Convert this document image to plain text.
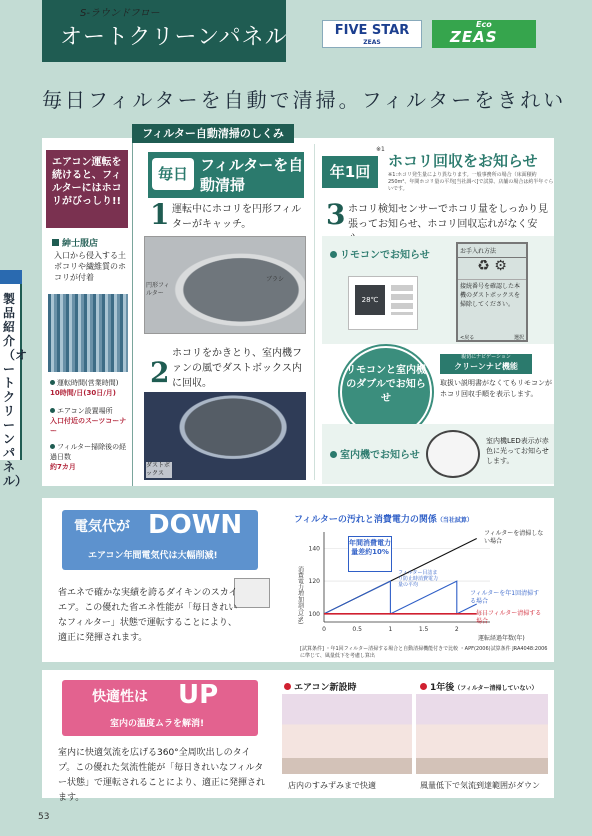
S-ラウンドフロー
オートクリーンパネル	FIVE STAR
ZEAS
Eco
ZEAS
毎日フィルターを自動で清掃。フィルターをきれい
製品紹介（オートクリーンパネル）
フィルター自動清掃のしくみ
エアコン運転を続けると、フィルターにはホコリがびっしり!!
紳士服店
入口から侵入する土ボコリや繊維質のホコリが付着
運転時間(営業時間)
10時間/日(30日/月)
エアコン設置場所
入口付近のスーツコーナー
フィルター掃除後の経過日数
約7カ月
毎日 フィルターを自動清掃
1 運転中にホコリを円形フィルターがキャッチ。
円形フィルター
ブラシ
2
ホコリをかきとり、室内機ファンの風でダストボックス内に回収。
ダストボックス
年1回
※1
ホコリ回収をお知らせ
※1:ホコリ発生量により異なります。一般事務所の場合（床面積約250m²、年間ホコリ量の平均[当社調べ]で試算、店舗の場合は約半年ぐらいです。
3 ホコリ検知センサーでホコリ量をしっかり見張ってお知らせ、ホコリ回収忘れがなく安
リモコンでお知らせ
28℃
お手入れ方法
♻ ⚙
接続番号を確認した本機のダストボックスを掃除してください。
<戻る	選択
リモコンと室内機のダブルでお知らせ
親切にナビゲーション
クリーンナビ機能
取扱い説明書がなくてもリモコンがホコリ回収手順を表示します。
室内機でお知らせ
室内機LED表示が赤色に光ってお知らせします。
電気代が DOWN
エアコン年間電気代は大幅削減!
省エネで確かな実績を誇るダイキンのスカイエア。この優れた省エネ性能が「毎日きれいなフィルター」状態で運転することにより、適正に発揮されます。
フィルターの汚れと消費電力の関係（当社試算）
消費電力増加割合(%) 100
120
140
0	0.5	1	1.5	2
運転経過年数(年)
年間消費電力量差約10%
フィルター目詰まり防止時消費電力量の平均
フィルターを清掃しない場合
フィルターを年1回清掃する場合
毎日フィルター清掃する場合
[試算条件] ・年1回フィルター清掃する場合と自動清掃機能付きで比較 ・APF(2006)試算条件 JRA4048:2006に準じて、風量低下を考慮し算出
快適性は UP
室内の温度ムラを解消!
室内に快適気流を広げる360°全周吹出しのタイプ。この優れた気流性能が「毎日きれいなフィルター状態」で運転されることにより、適正に発揮されます。
エアコン新設時	1年後（フィルター清掃していない）
店内のすみずみまで快適	風量低下で気流到達範囲がダウン
53
